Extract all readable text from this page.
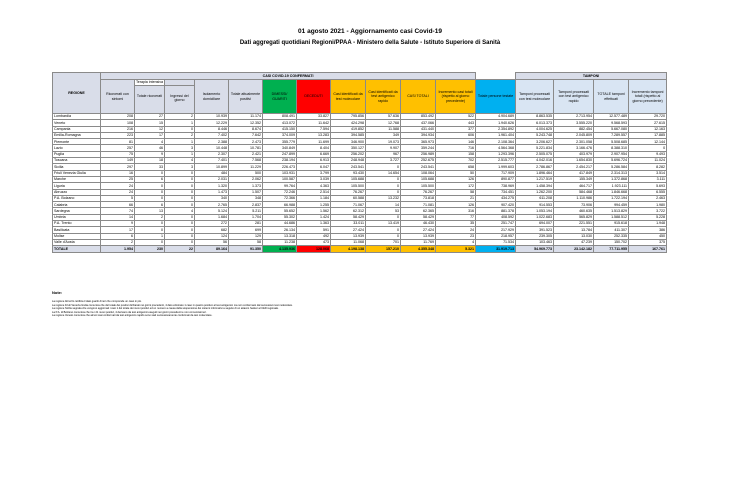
01 agosto 2021 - Aggiornamento casi Covid-19
Dati aggregati quotidiani Regioni/PPAA - Ministero della Salute - Istituto Superiore di Sanità
REGIONE	CASI COVID-19 CONFERMATI												TAMPONI			
	Ricoverati con sintomi	Terapia intensiva
Totale ricoverati	Ingressi del giorno	Isolamento domiciliare	Totale attualmente positivi	DIMESSI/ GUARITI	DECEDUTI	Casi identificati da test molecolare	Casi identificati da test antigenico rapido	CASI TOTALI	Incremento casi totali (rispetto al giorno precedente)	Totale persone testate	Tamponi processati con test molecolare	Tamponi processati con test antigenico rapido	TOTALE tamponi effettuati	Incremento tamponi totali (rispetto al giorno precedente)
Lombardia	208	27	2	10.939	11.174	808.491	33.827	795.856	57.636	853.492	522	4.904.689	8.863.535	2.713.954	12.577.489	29.720
Veneto	108	15	1	12.229	12.352	413.072	11.642	424.298	12.768	437.066	443	1.940.626	6.013.373	3.555.220	9.568.593	27.615
Campania	216	12	0	8.446	8.674	415.150	7.594	419.852	11.588	431.440	377	2.354.892	4.004.625	882.454	5.667.080	12.163
Emilia-Romagna	223	17	2	7.402	7.642	374.009	13.283	394.585	349	394.934	606	1.961.404	5.243.748	2.045.809	7.289.557	17.885
Piemonte	81	4	1	2.388	2.473	355.779	11.699	346.900	19.073	365.973	146	2.108.364	3.206.627	2.301.058	5.508.685	12.144
Lazio	257	46	3	10.448	10.781	340.849	8.404	350.127	9.907	359.244	716	4.564.368	5.221.834	3.166.476	8.388.310	0
Puglia	75	9	1	2.307	2.421	247.899	6.669	256.202	967	256.989	158	1.293.396	2.505.075	403.979	2.907.954	9.493
Toscana	149	18	4	7.401	7.568	238.194	6.913	248.948	3.727	252.675	702	2.515.777	4.042.016	1.654.830	5.696.724	11.024
Sicilia	297	33	3	10.899	11.229	226.473	6.047	243.541	0	243.541	658	1.999.603	2.786.867	2.454.217	5.286.584	8.282
Friuli Venezia Giulia	16	0	0	484	500	103.931	3.799	93.430	14.654	108.064	50	717.909	1.896.464	417.849	2.314.313	3.514
Marche	25	6	0	2.031	2.062	100.587	3.039	105.688	0	105.688	126	890.877	1.217.519	155.349	1.372.868	3.111
Liguria	24	0	0	1.320	1.373	99.764	4.363	105.500	0	105.500	172	738.969	1.458.394	464.717	1.923.111	5.693
Abruzzo	24	0	0	1.473	1.507	72.246	2.514	76.267	0	76.267	58	734.451	1.262.200	584.468	1.846.668	6.555
P.A. Bolzano	5	0	0	340	348	72.366	1.184	60.588	13.232	73.818	21	434.275	611.208	1.110.986	1.722.194	2.463
Calabria	66	6	0	2.765	2.837	66.988	1.255	71.067	14	71.081	126	907.420	914.553	73.906	994.459	1.980
Sardegna	74	13	4	5.124	5.211	55.652	1.562	62.312	53	62.365	316	881.378	1.053.194	460.635	1.513.829	3.722
Umbria	14	2	0	1.684	1.704	55.302	1.424	58.429	0	58.429	77	408.592	1.022.683	565.829	1.588.512	5.228
P.A. Trento	9	0	0	272	281	44.686	1.363	33.011	13.419	46.430	35	251.747	694.007	221.551	915.618	1.948
Basilicata	17	0	0	682	699	26.134	591	27.424	0	27.424	24	217.929	391.523	13.784	411.307	386
Molise	6	1	0	124	129	13.318	492	13.939	0	13.939	23	218.957	239.305	13.030	252.335	450
Valle d'Aosta	2	0	0	56	58	11.238	473	11.068	701	11.769	4	71.534	103.463	47.239	150.702	375
TOTALE	1.954	230	22	89.164	91.350	4.135.936	128.068	4.198.138	157.210	4.355.348	5.321	31.919.713	54.969.773	23.142.182	77.711.955	167.761
Note:
La regione Abruzzo rettifica il dato guariti di ieri che comprende un caso in più.
La regione Friuli Venezia Giulia comunica che del totale dei positivi dichiarati nei giorni precedenti, 4 dato eliminato 1 caso in quanto positivo al test antigenico ma non confermato dal successivo test molecolare.
La regione Sicilia segnala che vengono aggiornati i casi 1 del totale dei nuovi positivi ed un numero a causa della sospensione dei sistemi informativi a seguito di un attacco hacker al CED regionale.
La P.A. di Bolzano comunica che tra i 21 nuovi positivi, 4 derivano da test antigenici eseguiti nei giorni precedenti e non comunicati ieri.
La regione Veneto comunica che alcuni casi confermati da test antigenico rapido sono stati successivamente confermati da test molecolare.
